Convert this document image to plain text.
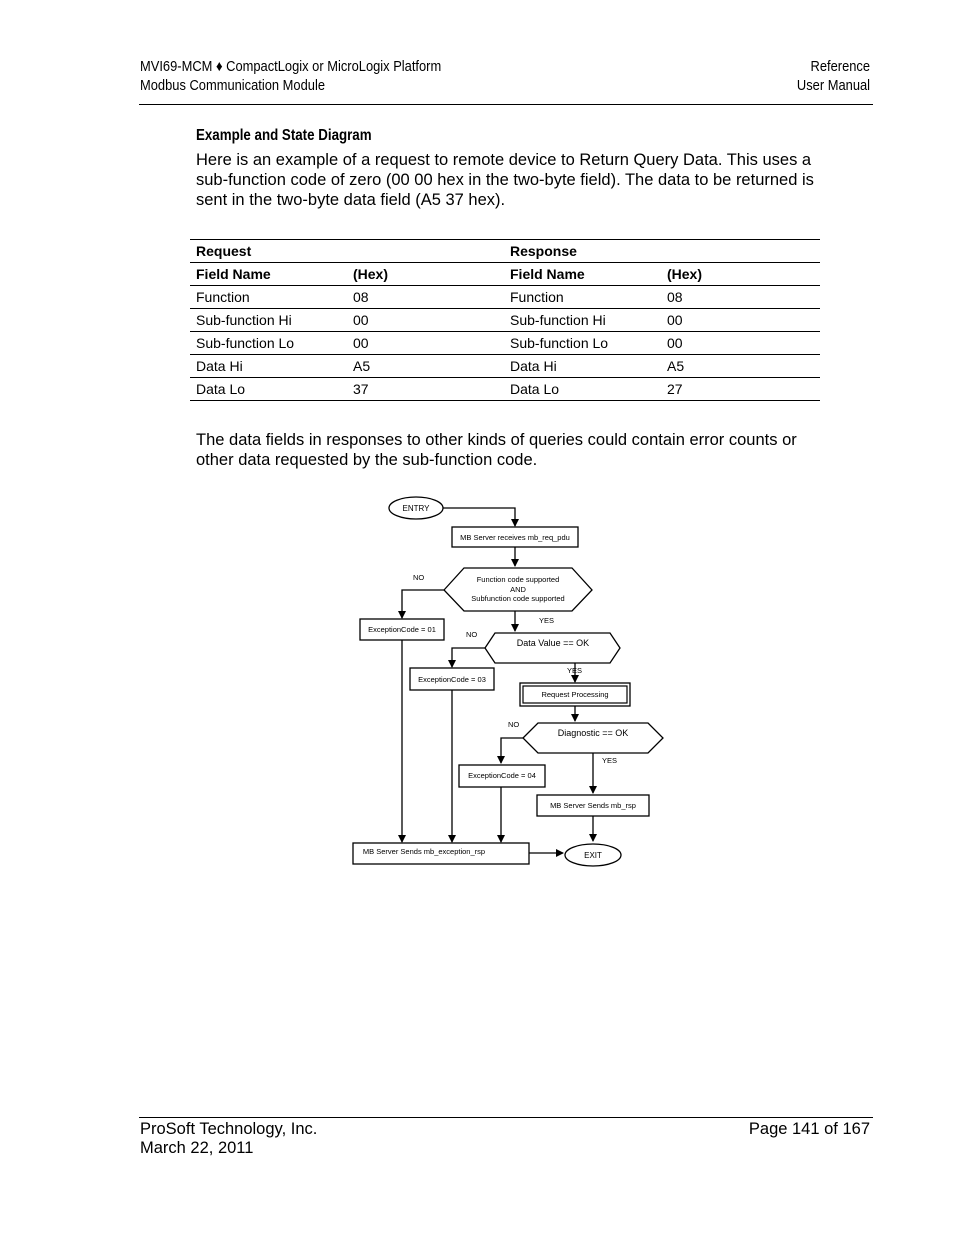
MVI69-MCM ♦ CompactLogix or MicroLogix Platform
Modbus Communication Module
Reference
User Manual
Example and State Diagram
Here is an example of a request to remote device to Return Query Data. This uses a sub-function code of zero (00 00 hex in the two-byte field). The data to be returned is sent in the two-byte data field (A5 37 hex).
Request		Response	
Field Name	(Hex)	Field Name	(Hex)
Function	08	Function	08
Sub-function Hi	00	Sub-function Hi	00
Sub-function Lo	00	Sub-function Lo	00
Data Hi	A5	Data Hi	A5
Data Lo	37	Data Lo	27
The data fields in responses to other kinds of queries could contain error counts or other data requested by the sub-function code.
ENTRY
MB Server receives mb_req_pdu
Function code supported
AND
Subfunction code supported
NO
YES
ExceptionCode = 01
Data Value == OK
NO
YES
ExceptionCode = 03
Request Processing
Diagnostic == OK
NO
YES
ExceptionCode = 04
MB Server Sends mb_rsp
MB Server Sends mb_exception_rsp	EXIT
ProSoft Technology, Inc.
March 22, 2011
Page 141 of 167
